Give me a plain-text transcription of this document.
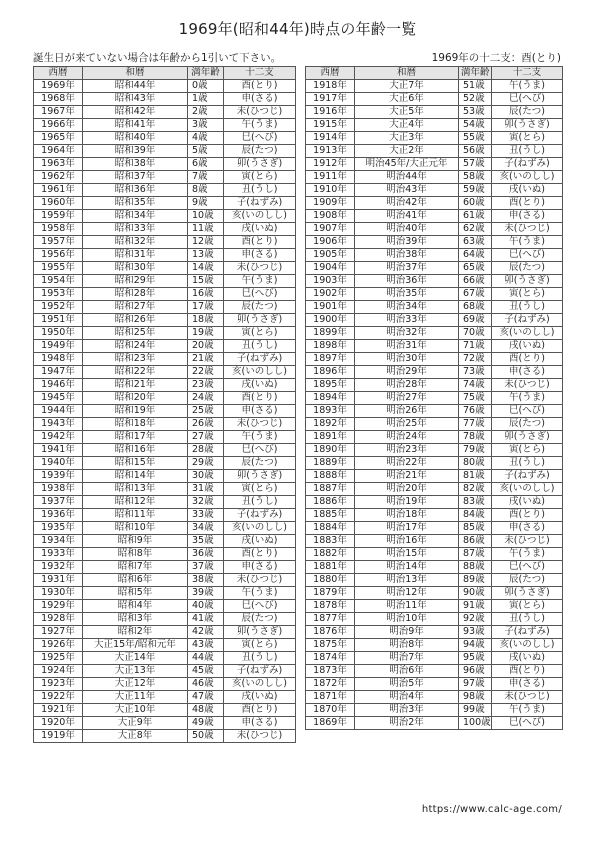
1969年(昭和44年)時点の年齢一覧
誕生日が来ていない場合は年齢から1引いて下さい。	1969年の十二支：酉(とり)
西暦	和暦	満年齢	十二支
1969年	昭和44年	0歳	酉(とり)
1968年	昭和43年	1歳	申(さる)
1967年	昭和42年	2歳	未(ひつじ)
1966年	昭和41年	3歳	午(うま)
1965年	昭和40年	4歳	巳(へび)
1964年	昭和39年	5歳	辰(たつ)
1963年	昭和38年	6歳	卯(うさぎ)
1962年	昭和37年	7歳	寅(とら)
1961年	昭和36年	8歳	丑(うし)
1960年	昭和35年	9歳	子(ねずみ)
1959年	昭和34年	10歳	亥(いのしし)
1958年	昭和33年	11歳	戌(いぬ)
1957年	昭和32年	12歳	酉(とり)
1956年	昭和31年	13歳	申(さる)
1955年	昭和30年	14歳	未(ひつじ)
1954年	昭和29年	15歳	午(うま)
1953年	昭和28年	16歳	巳(へび)
1952年	昭和27年	17歳	辰(たつ)
1951年	昭和26年	18歳	卯(うさぎ)
1950年	昭和25年	19歳	寅(とら)
1949年	昭和24年	20歳	丑(うし)
1948年	昭和23年	21歳	子(ねずみ)
1947年	昭和22年	22歳	亥(いのしし)
1946年	昭和21年	23歳	戌(いぬ)
1945年	昭和20年	24歳	酉(とり)
1944年	昭和19年	25歳	申(さる)
1943年	昭和18年	26歳	未(ひつじ)
1942年	昭和17年	27歳	午(うま)
1941年	昭和16年	28歳	巳(へび)
1940年	昭和15年	29歳	辰(たつ)
1939年	昭和14年	30歳	卯(うさぎ)
1938年	昭和13年	31歳	寅(とら)
1937年	昭和12年	32歳	丑(うし)
1936年	昭和11年	33歳	子(ねずみ)
1935年	昭和10年	34歳	亥(いのしし)
1934年	昭和9年	35歳	戌(いぬ)
1933年	昭和8年	36歳	酉(とり)
1932年	昭和7年	37歳	申(さる)
1931年	昭和6年	38歳	未(ひつじ)
1930年	昭和5年	39歳	午(うま)
1929年	昭和4年	40歳	巳(へび)
1928年	昭和3年	41歳	辰(たつ)
1927年	昭和2年	42歳	卯(うさぎ)
1926年	大正15年/昭和元年	43歳	寅(とら)
1925年	大正14年	44歳	丑(うし)
1924年	大正13年	45歳	子(ねずみ)
1923年	大正12年	46歳	亥(いのしし)
1922年	大正11年	47歳	戌(いぬ)
1921年	大正10年	48歳	酉(とり)
1920年	大正9年	49歳	申(さる)
1919年	大正8年	50歳	未(ひつじ)
西暦	和暦	満年齢	十二支
1918年	大正7年	51歳	午(うま)
1917年	大正6年	52歳	巳(へび)
1916年	大正5年	53歳	辰(たつ)
1915年	大正4年	54歳	卯(うさぎ)
1914年	大正3年	55歳	寅(とら)
1913年	大正2年	56歳	丑(うし)
1912年	明治45年/大正元年	57歳	子(ねずみ)
1911年	明治44年	58歳	亥(いのしし)
1910年	明治43年	59歳	戌(いぬ)
1909年	明治42年	60歳	酉(とり)
1908年	明治41年	61歳	申(さる)
1907年	明治40年	62歳	未(ひつじ)
1906年	明治39年	63歳	午(うま)
1905年	明治38年	64歳	巳(へび)
1904年	明治37年	65歳	辰(たつ)
1903年	明治36年	66歳	卯(うさぎ)
1902年	明治35年	67歳	寅(とら)
1901年	明治34年	68歳	丑(うし)
1900年	明治33年	69歳	子(ねずみ)
1899年	明治32年	70歳	亥(いのしし)
1898年	明治31年	71歳	戌(いぬ)
1897年	明治30年	72歳	酉(とり)
1896年	明治29年	73歳	申(さる)
1895年	明治28年	74歳	未(ひつじ)
1894年	明治27年	75歳	午(うま)
1893年	明治26年	76歳	巳(へび)
1892年	明治25年	77歳	辰(たつ)
1891年	明治24年	78歳	卯(うさぎ)
1890年	明治23年	79歳	寅(とら)
1889年	明治22年	80歳	丑(うし)
1888年	明治21年	81歳	子(ねずみ)
1887年	明治20年	82歳	亥(いのしし)
1886年	明治19年	83歳	戌(いぬ)
1885年	明治18年	84歳	酉(とり)
1884年	明治17年	85歳	申(さる)
1883年	明治16年	86歳	未(ひつじ)
1882年	明治15年	87歳	午(うま)
1881年	明治14年	88歳	巳(へび)
1880年	明治13年	89歳	辰(たつ)
1879年	明治12年	90歳	卯(うさぎ)
1878年	明治11年	91歳	寅(とら)
1877年	明治10年	92歳	丑(うし)
1876年	明治9年	93歳	子(ねずみ)
1875年	明治8年	94歳	亥(いのしし)
1874年	明治7年	95歳	戌(いぬ)
1873年	明治6年	96歳	酉(とり)
1872年	明治5年	97歳	申(さる)
1871年	明治4年	98歳	未(ひつじ)
1870年	明治3年	99歳	午(うま)
1869年	明治2年	100歳	巳(へび)
https://www.calc-age.com/
